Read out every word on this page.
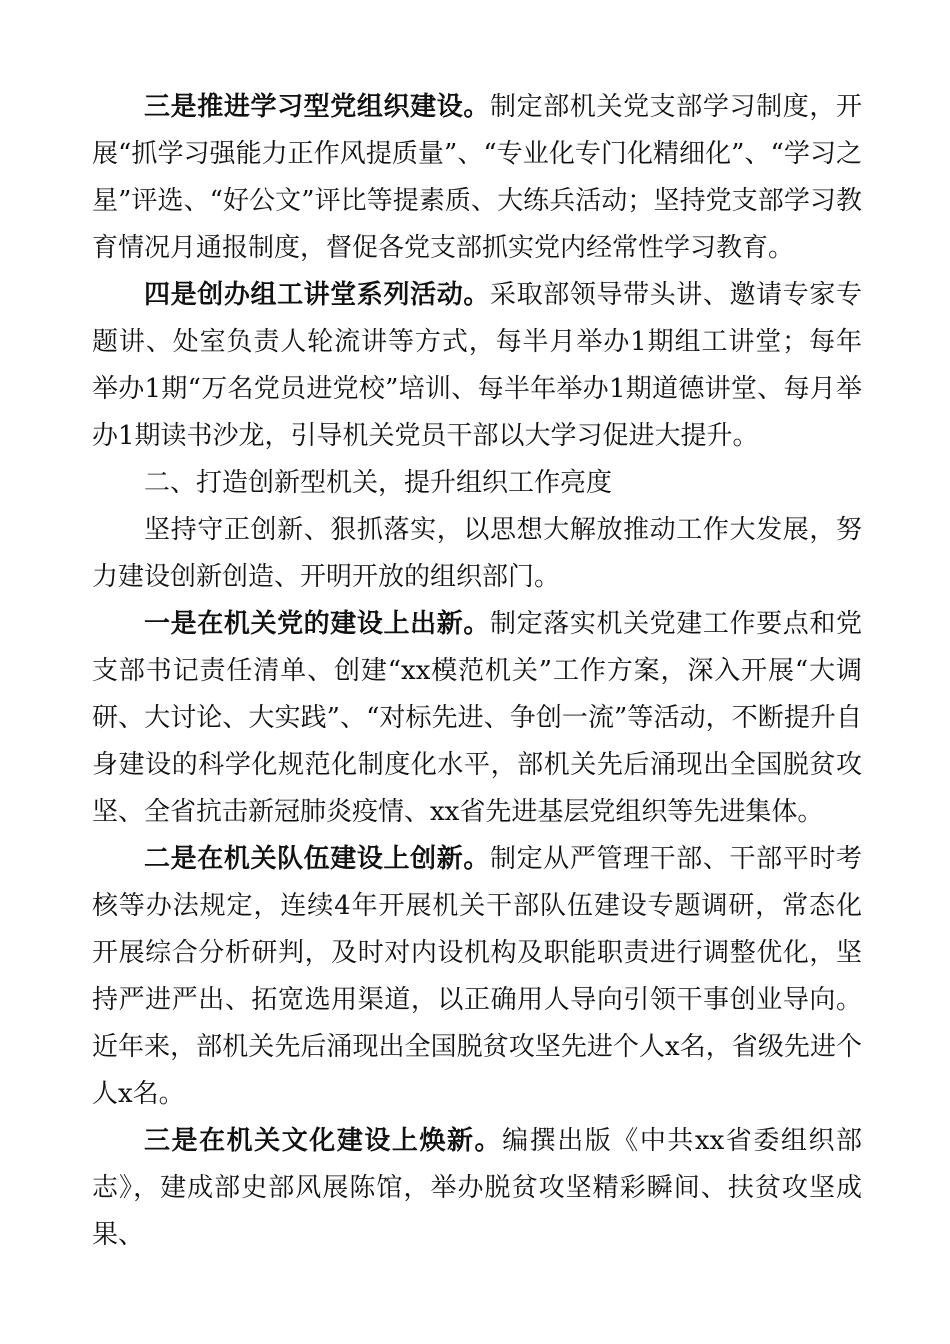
三是推进学习型党组织建设。制定部机关党支部学习制度，开展“抓学习强能力正作风提质量”、“专业化专门化精细化”、“学习之星”评选、“好公文”评比等提素质、大练兵活动；坚持党支部学习教育情况月通报制度，督促各党支部抓实党内经常性学习教育。

四是创办组工讲堂系列活动。采取部领导带头讲、邀请专家专题讲、处室负责人轮流讲等方式，每半月举办1期组工讲堂；每年举办1期“万名党员进党校”培训、每半年举办1期道德讲堂、每月举办1期读书沙龙，引导机关党员干部以大学习促进大提升。

二、打造创新型机关，提升组织工作亮度

坚持守正创新、狠抓落实，以思想大解放推动工作大发展，努力建设创新创造、开明开放的组织部门。

一是在机关党的建设上出新。制定落实机关党建工作要点和党支部书记责任清单、创建“xx模范机关”工作方案，深入开展“大调研、大讨论、大实践”、“对标先进、争创一流”等活动，不断提升自身建设的科学化规范化制度化水平，部机关先后涌现出全国脱贫攻坚、全省抗击新冠肺炎疫情、xx省先进基层党组织等先进集体。

二是在机关队伍建设上创新。制定从严管理干部、干部平时考核等办法规定，连续4年开展机关干部队伍建设专题调研，常态化开展综合分析研判，及时对内设机构及职能职责进行调整优化，坚持严进严出、拓宽选用渠道，以正确用人导向引领干事创业导向。近年来，部机关先后涌现出全国脱贫攻坚先进个人x名，省级先进个人x名。

三是在机关文化建设上焕新。编撰出版《中共xx省委组织部志》，建成部史部风展陈馆，举办脱贫攻坚精彩瞬间、扶贫攻坚成果、
